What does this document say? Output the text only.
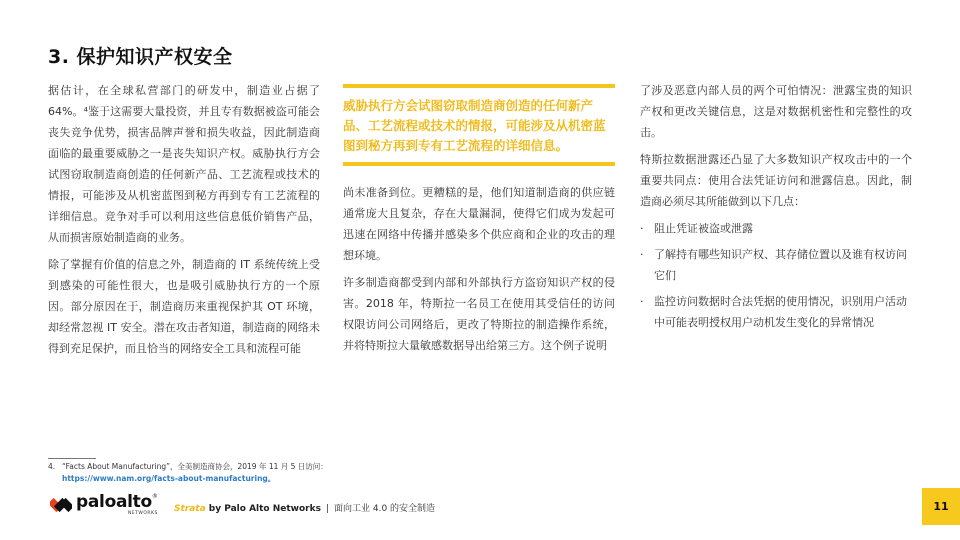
3. 保护知识产权安全

据估计，在全球私营部门的研发中，制造业占据了 64%。⁴鉴于这需要大量投资，并且专有数据被盗可能会丧失竞争优势，损害品牌声誉和损失收益，因此制造商面临的最重要威胁之一是丧失知识产权。威胁执行方会试图窃取制造商创造的任何新产品、工艺流程或技术的情报，可能涉及从机密蓝图到秘方再到专有工艺流程的详细信息。竞争对手可以利用这些信息低价销售产品，从而损害原始制造商的业务。

除了掌握有价值的信息之外，制造商的 IT 系统传统上受到感染的可能性很大，也是吸引威胁执行方的一个原因。部分原因在于，制造商历来重视保护其 OT 环境，却经常忽视 IT 安全。潜在攻击者知道，制造商的网络未得到充足保护，而且恰当的网络安全工具和流程可能

威胁执行方会试图窃取制造商创造的任何新产品、工艺流程或技术的情报，可能涉及从机密蓝图到秘方再到专有工艺流程的详细信息。

尚未准备到位。更糟糕的是，他们知道制造商的供应链通常庞大且复杂，存在大量漏洞，使得它们成为发起可迅速在网络中传播并感染多个供应商和企业的攻击的理想环境。

许多制造商都受到内部和外部执行方盗窃知识产权的侵害。2018 年，特斯拉一名员工在使用其受信任的访问权限访问公司网络后，更改了特斯拉的制造操作系统，并将特斯拉大量敏感数据导出给第三方。这个例子说明

了涉及恶意内部人员的两个可怕情况：泄露宝贵的知识产权和更改关键信息，这是对数据机密性和完整性的攻击。

特斯拉数据泄露还凸显了大多数知识产权攻击中的一个重要共同点：使用合法凭证访问和泄露信息。因此，制造商必须尽其所能做到以下几点：

· 阻止凭证被盗或泄露
· 了解持有哪些知识产权、其存储位置以及谁有权访问它们
· 监控访问数据时合法凭据的使用情况，识别用户活动中可能表明授权用户动机发生变化的异常情况
4. “Facts About Manufacturing”，全美制造商协会，2019 年 11 月 5 日访问：
https://www.nam.org/facts-about-manufacturing。
paloalto®
NETWORKS Strata by Palo Alto Networks | 面向工业 4.0 的安全制造	11
